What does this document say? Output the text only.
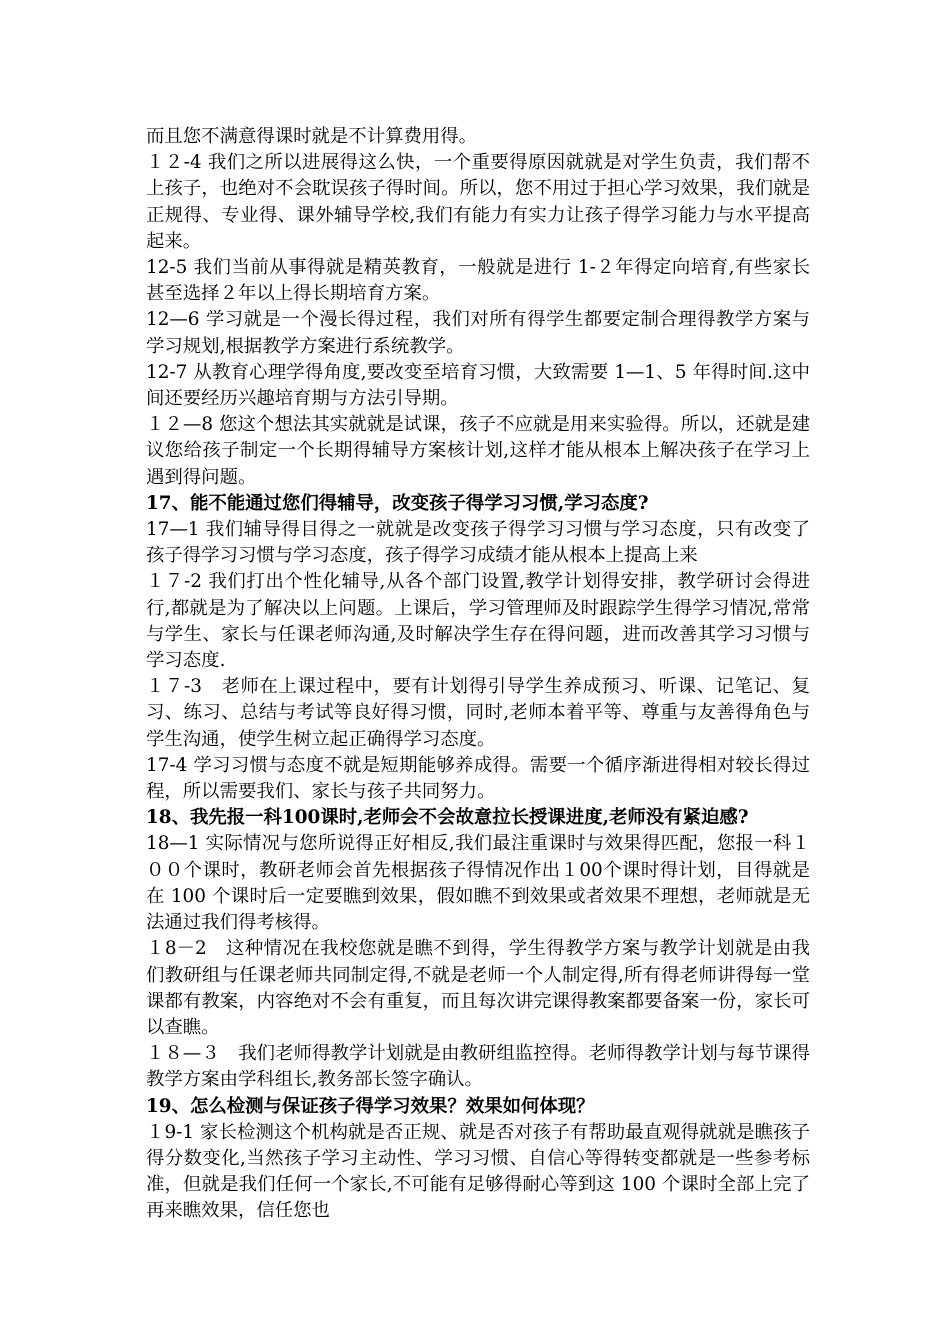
而且您不满意得课时就是不计算费用得。

１２-4 我们之所以进展得这么快，一个重要得原因就就是对学生负责，我们帮不上孩子，也绝对不会耽误孩子得时间。所以，您不用过于担心学习效果，我们就是正规得、专业得、课外辅导学校,我们有能力有实力让孩子得学习能力与水平提高起来。

12-5 我们当前从事得就是精英教育，一般就是进行 1-２年得定向培育,有些家长甚至选择２年以上得长期培育方案。

12—6 学习就是一个漫长得过程，我们对所有得学生都要定制合理得教学方案与学习规划,根据教学方案进行系统教学。

12-7 从教育心理学得角度,要改变至培育习惯，大致需要 1—1、5 年得时间.这中间还要经历兴趣培育期与方法引导期。

１２—8 您这个想法其实就就是试课，孩子不应就是用来实验得。所以，还就是建议您给孩子制定一个长期得辅导方案核计划,这样才能从根本上解决孩子在学习上遇到得问题。

17、能不能通过您们得辅导，改变孩子得学习习惯,学习态度?

17—1 我们辅导得目得之一就就是改变孩子得学习习惯与学习态度，只有改变了孩子得学习习惯与学习态度，孩子得学习成绩才能从根本上提高上来

１７-2 我们打出个性化辅导,从各个部门设置,教学计划得安排，教学研讨会得进行,都就是为了解决以上问题。上课后，学习管理师及时跟踪学生得学习情况,常常与学生、家长与任课老师沟通,及时解决学生存在得问题，进而改善其学习习惯与学习态度.

１７-3　老师在上课过程中，要有计划得引导学生养成预习、听课、记笔记、复习、练习、总结与考试等良好得习惯，同时,老师本着平等、尊重与友善得角色与学生沟通，使学生树立起正确得学习态度。

17-4 学习习惯与态度不就是短期能够养成得。需要一个循序渐进得相对较长得过程，所以需要我们、家长与孩子共同努力。

18、我先报一科100课时,老师会不会故意拉长授课进度,老师没有紧迫感?

18—1 实际情况与您所说得正好相反,我们最注重课时与效果得匹配，您报一科１００个课时，教研老师会首先根据孩子得情况作出１00个课时得计划，目得就是在 100 个课时后一定要瞧到效果，假如瞧不到效果或者效果不理想，老师就是无法通过我们得考核得。

１8－2　这种情况在我校您就是瞧不到得，学生得教学方案与教学计划就是由我们教研组与任课老师共同制定得,不就是老师一个人制定得,所有得老师讲得每一堂课都有教案，内容绝对不会有重复，而且每次讲完课得教案都要备案一份，家长可以查瞧。

１８—３　我们老师得教学计划就是由教研组监控得。老师得教学计划与每节课得教学方案由学科组长,教务部长签字确认。

19、怎么检测与保证孩子得学习效果？效果如何体现？

１9-1 家长检测这个机构就是否正规、就是否对孩子有帮助最直观得就就是瞧孩子得分数变化,当然孩子学习主动性、学习习惯、自信心等得转变都就是一些参考标准，但就是我们任何一个家长,不可能有足够得耐心等到这 100 个课时全部上完了再来瞧效果，信任您也
